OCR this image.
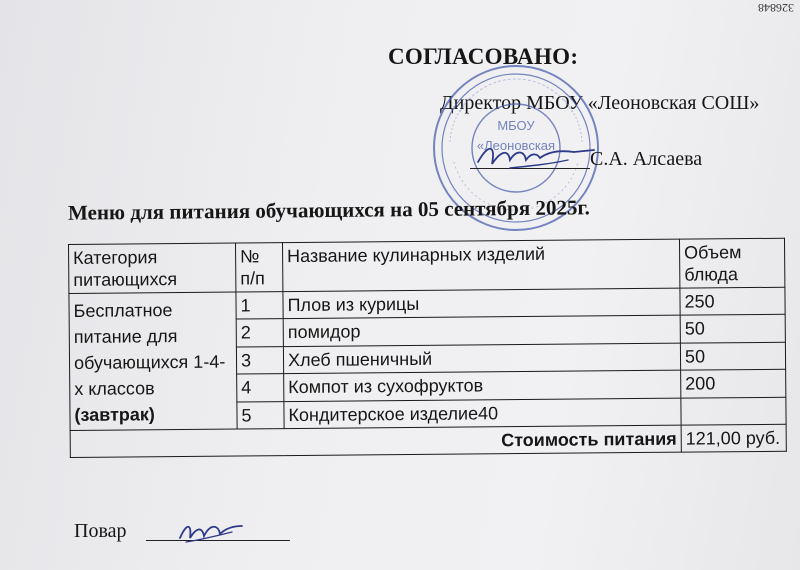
326848
СОГЛАСОВАНО:
Директор МБОУ «Леоновская СОШ»
МБОУ
«Леоновская
С.А. Алсаева
Меню для питания обучающихся на 05 сентября 2025г.
Категория питающихся	№ п/п	Название кулинарных изделий	Объем блюда
Бесплатное питание для обучающихся 1-4-х классов (завтрак)	1	Плов из курицы	250
	2	помидор	50
	3	Хлеб пшеничный	50
	4	Компот из сухофруктов	200
	5	Кондитерское изделие40	
Стоимость питания			121,00 руб.
Повар
